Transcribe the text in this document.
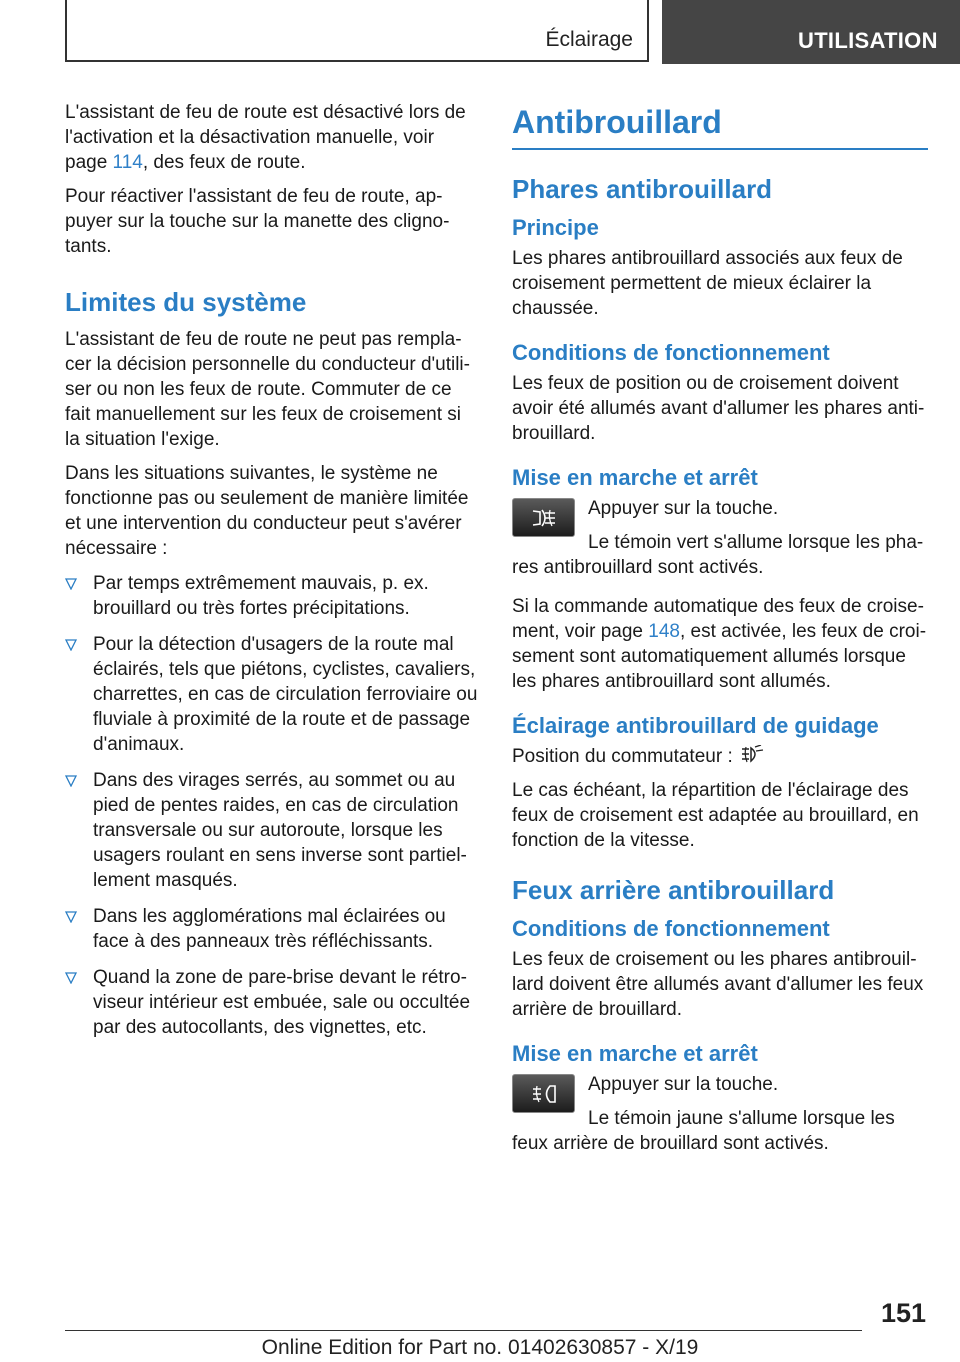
Éclairage	UTILISATION

L'assistant de feu de route est désactivé lors de l'activation et la désactivation manuelle, voir page 114, des feux de route.

Pour réactiver l'assistant de feu de route, appuyer sur la touche sur la manette des clignotants.

Limites du système

L'assistant de feu de route ne peut pas remplacer la décision personnelle du conducteur d'utiliser ou non les feux de route. Commuter de ce fait manuellement sur les feux de croisement si la situation l'exige.

Dans les situations suivantes, le système ne fonctionne pas ou seulement de manière limitée et une intervention du conducteur peut s'avérer nécessaire :

Par temps extrêmement mauvais, p. ex. brouillard ou très fortes précipitations.
Pour la détection d'usagers de la route mal éclairés, tels que piétons, cyclistes, cavaliers, charrettes, en cas de circulation ferroviaire ou fluviale à proximité de la route et de passage d'animaux.
Dans des virages serrés, au sommet ou au pied de pentes raides, en cas de circulation transversale ou sur autoroute, lorsque les usagers roulant en sens inverse sont partiellement masqués.
Dans les agglomérations mal éclairées ou face à des panneaux très réfléchissants.
Quand la zone de pare-brise devant le rétroviseur intérieur est embuée, sale ou occultée par des autocollants, des vignettes, etc.
Antibrouillard
Phares antibrouillard
Principe

Les phares antibrouillard associés aux feux de croisement permettent de mieux éclairer la chaussée.

Conditions de fonctionnement

Les feux de position ou de croisement doivent avoir été allumés avant d'allumer les phares antibrouillard.

Mise en marche et arrêt

Appuyer sur la touche.

Le témoin vert s'allume lorsque les phares antibrouillard sont activés.

Si la commande automatique des feux de croisement, voir page 148, est activée, les feux de croisement sont automatiquement allumés lorsque les phares antibrouillard sont allumés.

Éclairage antibrouillard de guidage

Position du commutateur :

Le cas échéant, la répartition de l'éclairage des feux de croisement est adaptée au brouillard, en fonction de la vitesse.

Feux arrière antibrouillard
Conditions de fonctionnement

Les feux de croisement ou les phares antibrouillard doivent être allumés avant d'allumer les feux arrière de brouillard.

Mise en marche et arrêt

Appuyer sur la touche.

Le témoin jaune s'allume lorsque les feux arrière de brouillard sont activés.

151
Online Edition for Part no. 01402630857 - X/19
